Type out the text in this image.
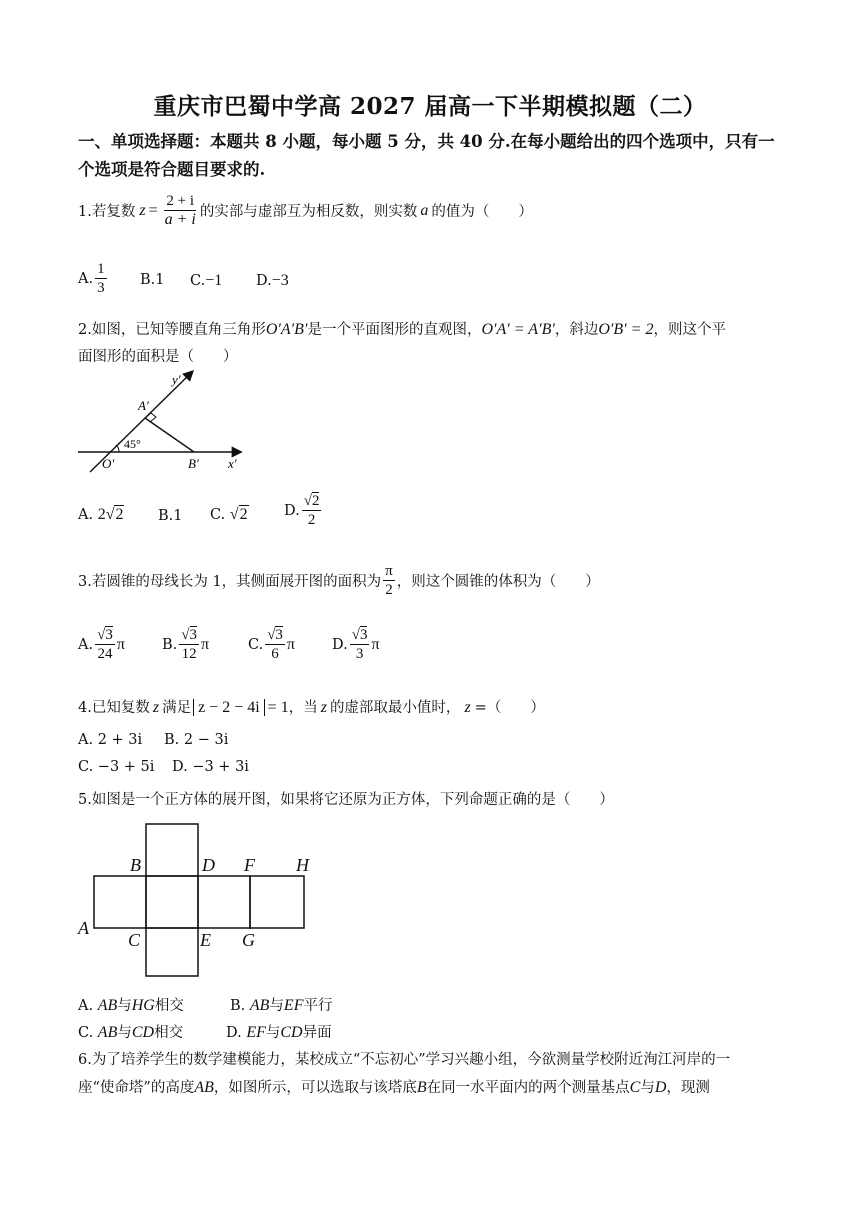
重庆市巴蜀中学高 2027 届高一下半期模拟题（二）
一、单项选择题：本题共 8 小题，每小题 5 分，共 40 分.在每小题给出的四个选项中，只有一
个选项是符合题目要求的.
1.若复数 $z = \frac{2 + i}{a + i}$ 的实部与虚部互为相反数，则实数 a 的值为（　　）
A. $\frac{1}{3} B.1$ C.−1 D.−3
2.如图，已知等腰直角三角形O′A′B′是一个平面图形的直观图，O′A′ = A′B′，斜边O′B′ = 2，则这个平
面图形的面积是（　　）
y′
A′
45°
O′	B′ x′
A. 2√2 B.1 C. √2	D. $\frac{√2}{2}$
3.若圆锥的母线长为 1，其侧面展开图的面积为 $\frac{\pi}{2}$ ，则这个圆锥的体积为（　　）
A. $\frac{√3}{24}$ π	B. $\frac{√3}{12}$ π	C. $\frac{√3}{6}$ π	D. $\frac{√3}{3}$ π
4.已知复数 z 满足 z − 2 − 4i = 1，当 z 的虚部取最小值时， z =（　　）
A. 2 + 3i B. 2 − 3i
C. −3 + 5i D. −3 + 3i
5.如图是一个正方体的展开图，如果将它还原为正方体，下列命题正确的是（　　）
B	D F H
A
C	E G
A. AB与HG相交	B. AB与EF平行
C. AB与CD相交	D. EF与CD异面
6.为了培养学生的数学建模能力，某校成立“不忘初心”学习兴趣小组，今欲测量学校附近洵江河岸的一
座“使命塔”的高度AB，如图所示，可以选取与该塔底B在同一水平面内的两个测量基点C与D，现测
